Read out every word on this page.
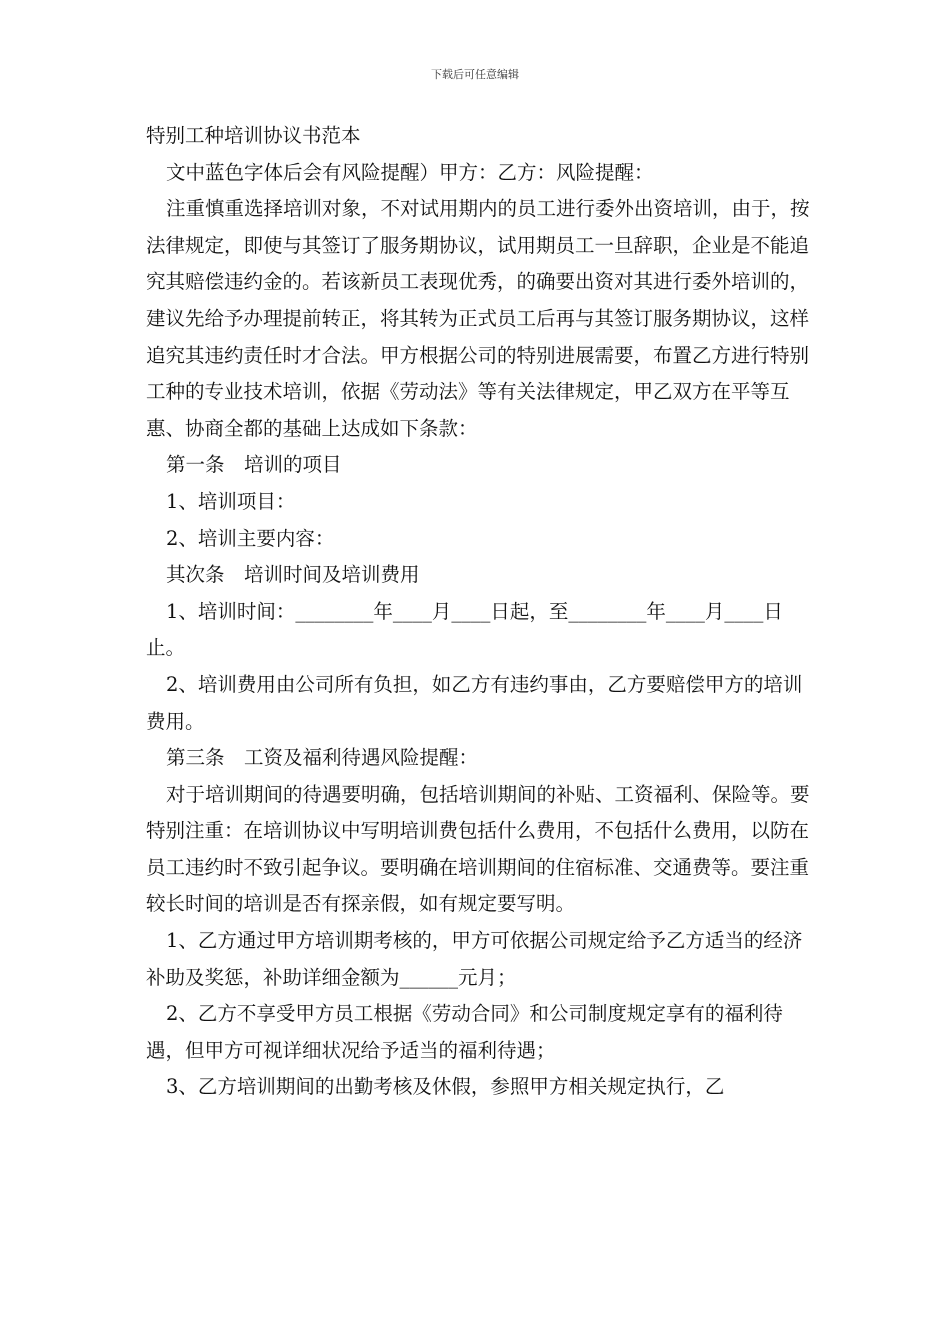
下载后可任意编辑

特别工种培训协议书范本

文中蓝色字体后会有风险提醒）甲方：乙方：风险提醒：

注重慎重选择培训对象，不对试用期内的员工进行委外出资培训，由于，按法律规定，即使与其签订了服务期协议，试用期员工一旦辞职，企业是不能追究其赔偿违约金的。若该新员工表现优秀，的确要出资对其进行委外培训的，建议先给予办理提前转正，将其转为正式员工后再与其签订服务期协议，这样追究其违约责任时才合法。甲方根据公司的特别进展需要，布置乙方进行特别工种的专业技术培训，依据《劳动法》等有关法律规定，甲乙双方在平等互惠、协商全都的基础上达成如下条款：

第一条　培训的项目

1、培训项目：

2、培训主要内容：

其次条　培训时间及培训费用

1、培训时间：________年____月____日起，至________年____月____日止。

2、培训费用由公司所有负担，如乙方有违约事由，乙方要赔偿甲方的培训费用。

第三条　工资及福利待遇风险提醒：

对于培训期间的待遇要明确，包括培训期间的补贴、工资福利、保险等。要特别注重：在培训协议中写明培训费包括什么费用，不包括什么费用，以防在员工违约时不致引起争议。要明确在培训期间的住宿标准、交通费等。要注重较长时间的培训是否有探亲假，如有规定要写明。

1、乙方通过甲方培训期考核的，甲方可依据公司规定给予乙方适当的经济补助及奖惩，补助详细金额为______元月；

2、乙方不享受甲方员工根据《劳动合同》和公司制度规定享有的福利待遇，但甲方可视详细状况给予适当的福利待遇；

3、乙方培训期间的出勤考核及休假，参照甲方相关规定执行，乙
